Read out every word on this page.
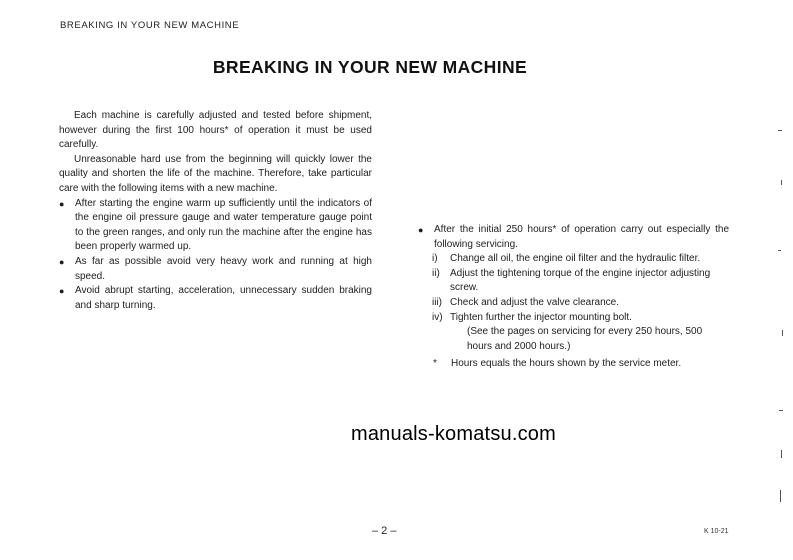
BREAKING IN YOUR NEW MACHINE
BREAKING IN YOUR NEW MACHINE

Each machine is carefully adjusted and tested before shipment, however during the first 100 hours* of operation it must be used carefully.

Unreasonable hard use from the beginning will quickly lower the quality and shorten the life of the machine. Therefore, take particular care with the following items with a new machine.

● After starting the engine warm up sufficiently until the indicators of the engine oil pressure gauge and water temperature gauge point to the green ranges, and only run the machine after the engine has been properly warmed up.
● As far as possible avoid very heavy work and running at high speed.
● Avoid abrupt starting, acceleration, unnecessary sudden braking and sharp turning.
● After the initial 250 hours* of operation carry out especially the following servicing.
i) Change all oil, the engine oil filter and the hydraulic filter.
ii) Adjust the tightening torque of the engine injector adjusting screw.
iii) Check and adjust the valve clearance.
iv) Tighten further the injector mounting bolt.

(See the pages on servicing for every 250 hours, 500 hours and 2000 hours.)

* Hours equals the hours shown by the service meter.
manuals-komatsu.com
– 2 –	K 10-21
